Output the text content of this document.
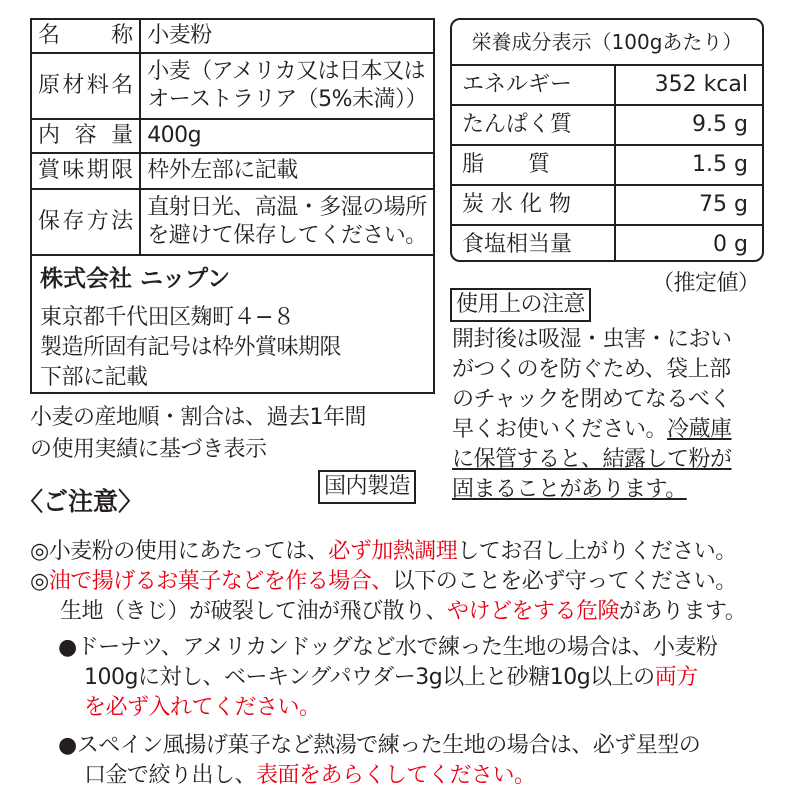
名　　称	小麦粉
原材料名	小麦（アメリカ又は日本又は
オーストラリア（5%未満））
内 容 量	400g
賞味期限	枠外左部に記載
保存方法	直射日光、高温・多湿の場所
を避けて保存してください。
株式会社 ニップン
東京都千代田区麹町４−８
製造所固有記号は枠外賞味期限
下部に記載
小麦の産地順・割合は、過去1年間
の使用実績に基づき表示
国内製造
栄養成分表示（100gあたり）
エネルギー	352 kcal
たんぱく質	9.5 g
脂　　質	1.5 g
炭 水 化 物	75 g
食塩相当量	0 g
（推定値）
使用上の注意
開封後は吸湿・虫害・におい
がつくのを防ぐため、袋上部
のチャックを閉めてなるべく
早くお使いください。冷蔵庫
に保管すると、結露して粉が
固まることがあります。
〈ご注意〉
◎小麦粉の使用にあたっては、必ず加熱調理してお召し上がりください。
◎油で揚げるお菓子などを作る場合、以下のことを必ず守ってください。
生地（きじ）が破裂して油が飛び散り、やけどをする危険があります。
●ドーナツ、アメリカンドッグなど水で練った生地の場合は、小麦粉
100gに対し、ベーキングパウダー3g以上と砂糖10g以上の両方
を必ず入れてください。
●スペイン風揚げ菓子など熱湯で練った生地の場合は、必ず星型の
口金で絞り出し、表面をあらくしてください。
